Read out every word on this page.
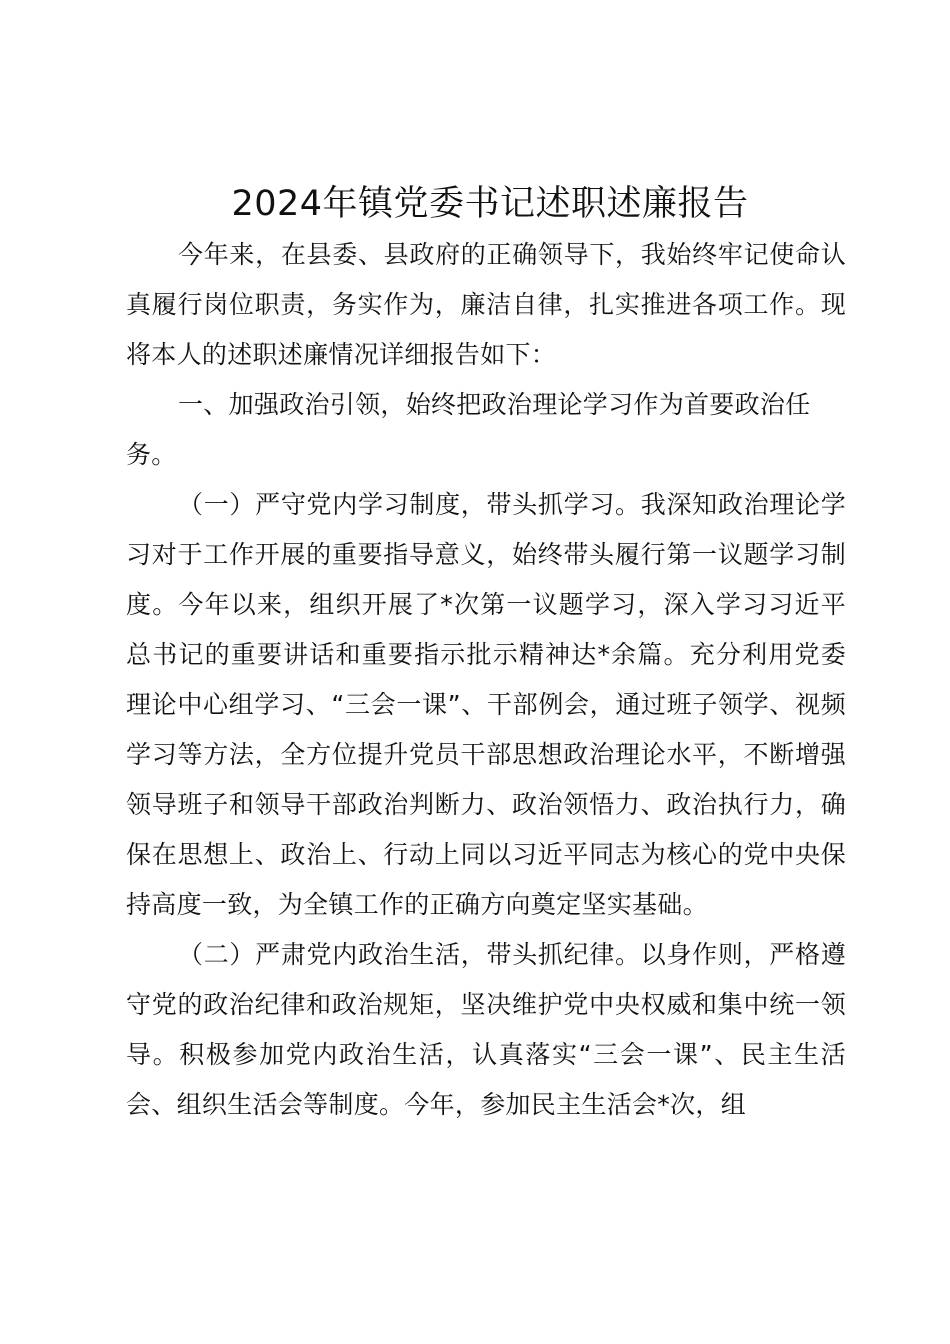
2024年镇党委书记述职述廉报告

今年来，在县委、县政府的正确领导下，我始终牢记使命认真履行岗位职责，务实作为，廉洁自律，扎实推进各项工作。现将本人的述职述廉情况详细报告如下：

一、加强政治引领，始终把政治理论学习作为首要政治任务。

（一）严守党内学习制度，带头抓学习。我深知政治理论学习对于工作开展的重要指导意义，始终带头履行第一议题学习制度。今年以来，组织开展了*次第一议题学习，深入学习习近平总书记的重要讲话和重要指示批示精神达*余篇。充分利用党委理论中心组学习、“三会一课”、干部例会，通过班子领学、视频学习等方法，全方位提升党员干部思想政治理论水平，不断增强领导班子和领导干部政治判断力、政治领悟力、政治执行力，确保在思想上、政治上、行动上同以习近平同志为核心的党中央保持高度一致，为全镇工作的正确方向奠定坚实基础。

（二）严肃党内政治生活，带头抓纪律。以身作则，严格遵守党的政治纪律和政治规矩，坚决维护党中央权威和集中统一领导。积极参加党内政治生活，认真落实“三会一课”、民主生活会、组织生活会等制度。今年，参加民主生活会*次，组
